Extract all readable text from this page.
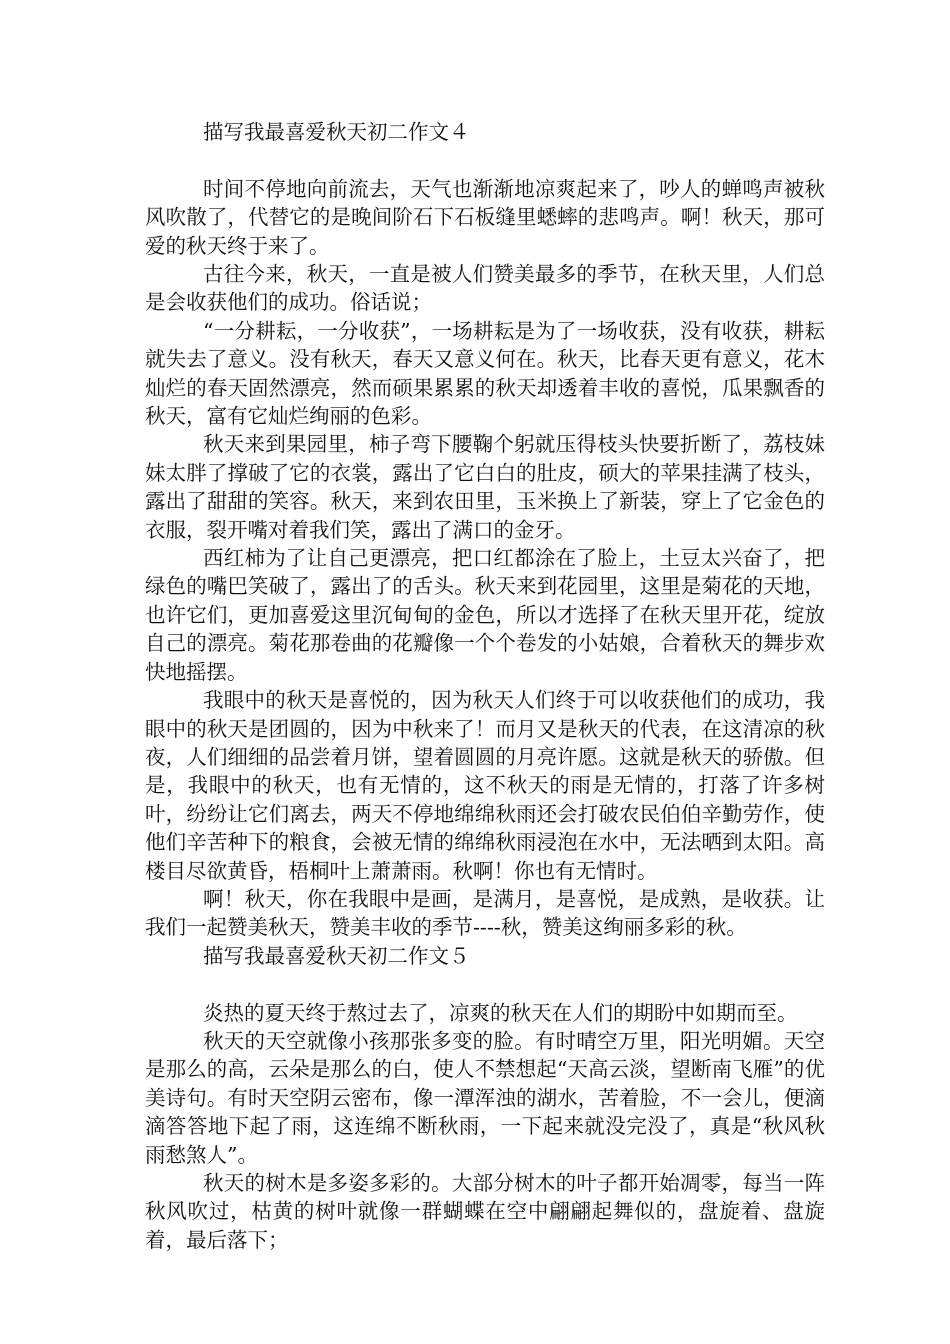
描写我最喜爱秋天初二作文４

时间不停地向前流去，天气也渐渐地凉爽起来了，吵人的蝉鸣声被秋风吹散了，代替它的是晚间阶石下石板缝里蟋蟀的悲鸣声。啊！秋天，那可爱的秋天终于来了。

古往今来，秋天，一直是被人们赞美最多的季节，在秋天里，人们总是会收获他们的成功。俗话说；

“一分耕耘，一分收获”，一场耕耘是为了一场收获，没有收获，耕耘就失去了意义。没有秋天，春天又意义何在。秋天，比春天更有意义，花木灿烂的春天固然漂亮，然而硕果累累的秋天却透着丰收的喜悦，瓜果飘香的秋天，富有它灿烂绚丽的色彩。

秋天来到果园里，柿子弯下腰鞠个躬就压得枝头快要折断了，荔枝妹妹太胖了撑破了它的衣裳，露出了它白白的肚皮，硕大的苹果挂满了枝头，露出了甜甜的笑容。秋天，来到农田里，玉米换上了新装，穿上了它金色的衣服，裂开嘴对着我们笑，露出了满口的金牙。

西红柿为了让自己更漂亮，把口红都涂在了脸上，土豆太兴奋了，把绿色的嘴巴笑破了，露出了的舌头。秋天来到花园里，这里是菊花的天地，也许它们，更加喜爱这里沉甸甸的金色，所以才选择了在秋天里开花，绽放自己的漂亮。菊花那卷曲的花瓣像一个个卷发的小姑娘，合着秋天的舞步欢快地摇摆。

我眼中的秋天是喜悦的，因为秋天人们终于可以收获他们的成功，我眼中的秋天是团圆的，因为中秋来了！而月又是秋天的代表，在这清凉的秋夜，人们细细的品尝着月饼，望着圆圆的月亮许愿。这就是秋天的骄傲。但是，我眼中的秋天，也有无情的，这不秋天的雨是无情的，打落了许多树叶，纷纷让它们离去，两天不停地绵绵秋雨还会打破农民伯伯辛勤劳作，使他们辛苦种下的粮食，会被无情的绵绵秋雨浸泡在水中，无法晒到太阳。高楼目尽欲黄昏，梧桐叶上萧萧雨。秋啊！你也有无情时。

啊！秋天，你在我眼中是画，是满月，是喜悦，是成熟，是收获。让我们一起赞美秋天，赞美丰收的季节----秋，赞美这绚丽多彩的秋。

描写我最喜爱秋天初二作文５

炎热的夏天终于熬过去了，凉爽的秋天在人们的期盼中如期而至。

秋天的天空就像小孩那张多变的脸。有时晴空万里，阳光明媚。天空是那么的高，云朵是那么的白，使人不禁想起“天高云淡，望断南飞雁”的优美诗句。有时天空阴云密布，像一潭浑浊的湖水，苦着脸，不一会儿，便滴滴答答地下起了雨，这连绵不断秋雨，一下起来就没完没了，真是“秋风秋雨愁煞人”。

秋天的树木是多姿多彩的。大部分树木的叶子都开始凋零，每当一阵秋风吹过，枯黄的树叶就像一群蝴蝶在空中翩翩起舞似的，盘旋着、盘旋着，最后落下；
